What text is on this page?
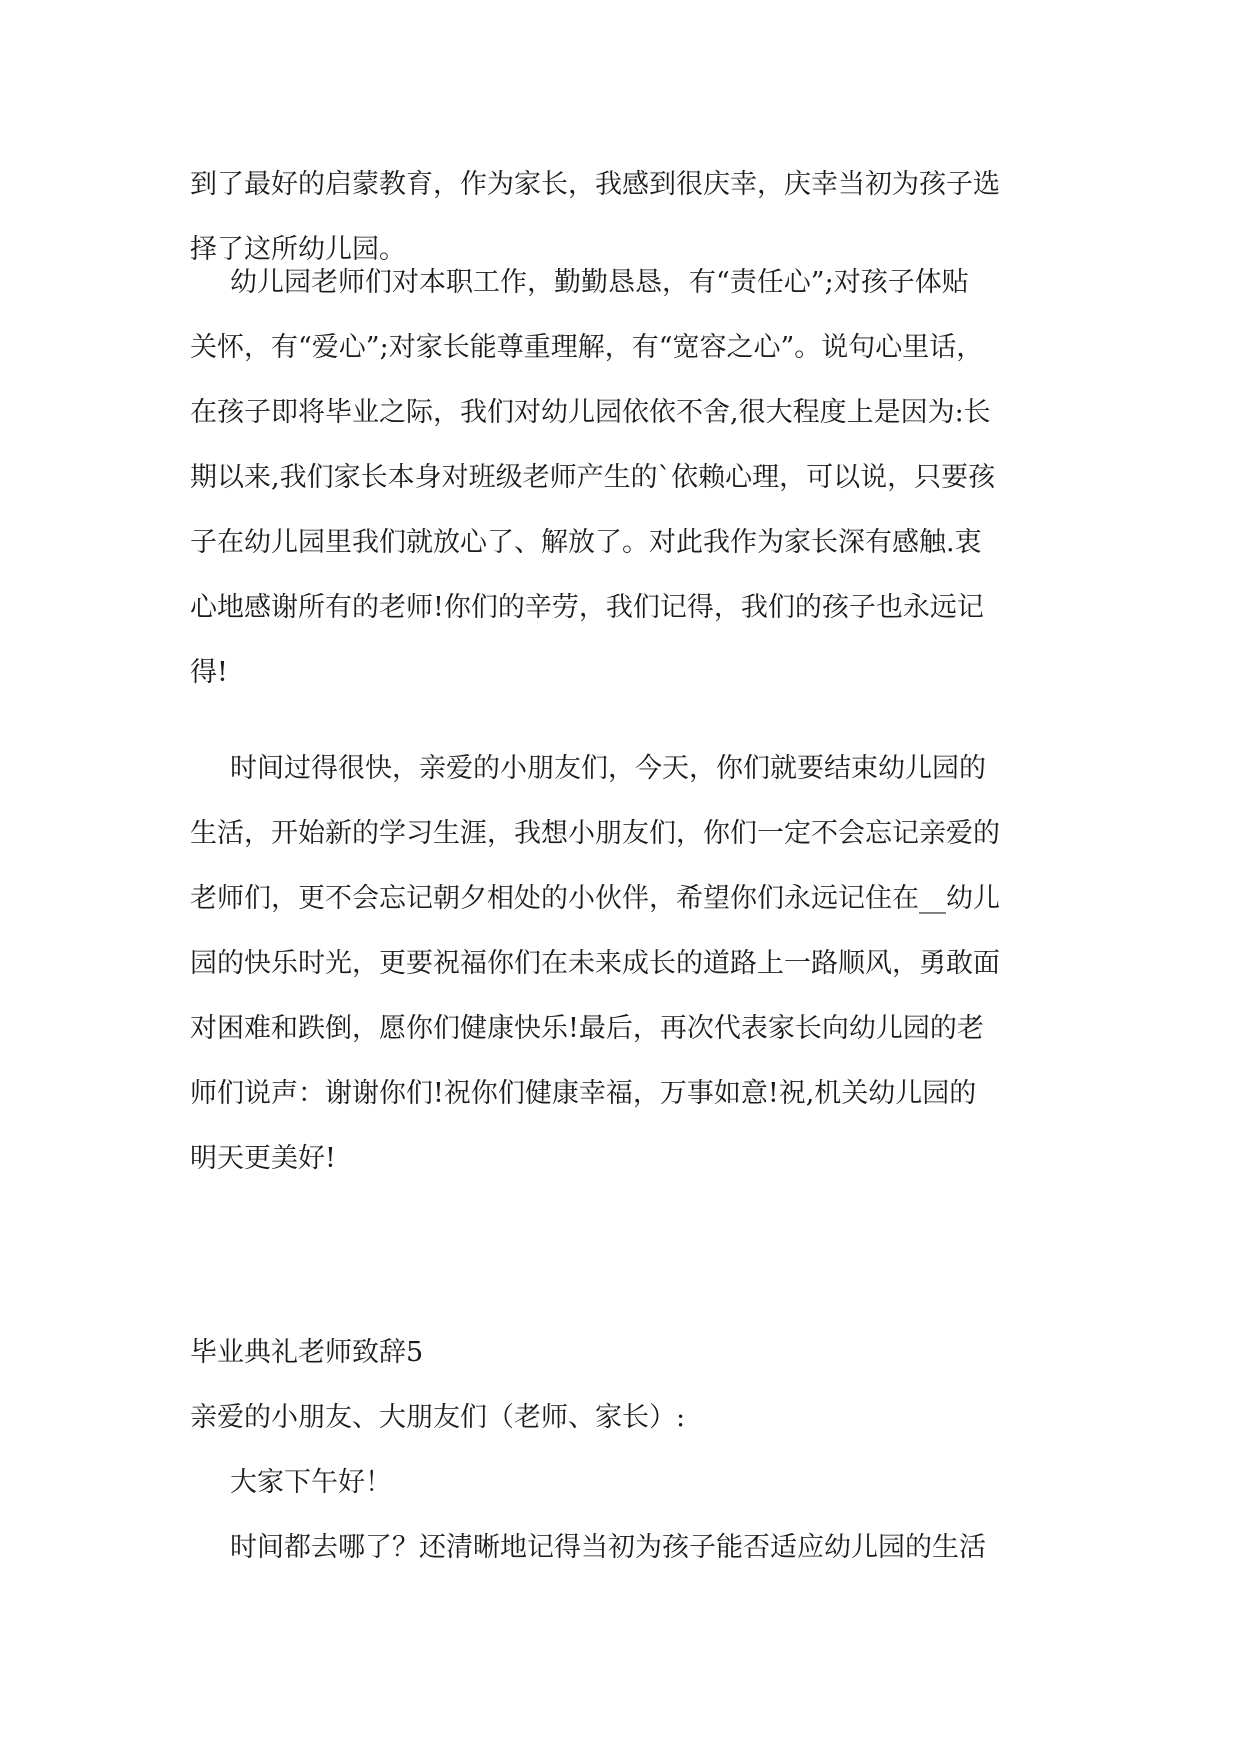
到了最好的启蒙教育，作为家长，我感到很庆幸，庆幸当初为孩子选
择了这所幼儿园。
幼儿园老师们对本职工作，勤勤恳恳，有“责任心”;对孩子体贴
关怀，有“爱心”;对家长能尊重理解，有“宽容之心”。说句心里话，
在孩子即将毕业之际，我们对幼儿园依依不舍,很大程度上是因为:长
期以来,我们家长本身对班级老师产生的`依赖心理，可以说，只要孩
子在幼儿园里我们就放心了、解放了。对此我作为家长深有感触.衷
心地感谢所有的老师!你们的辛劳，我们记得，我们的孩子也永远记
得!
时间过得很快，亲爱的小朋友们，今天，你们就要结束幼儿园的
生活，开始新的学习生涯，我想小朋友们，你们一定不会忘记亲爱的
老师们，更不会忘记朝夕相处的小伙伴，希望你们永远记住在__幼儿
园的快乐时光，更要祝福你们在未来成长的道路上一路顺风，勇敢面
对困难和跌倒，愿你们健康快乐!最后，再次代表家长向幼儿园的老
师们说声：谢谢你们!祝你们健康幸福，万事如意!祝,机关幼儿园的
明天更美好!
毕业典礼老师致辞5
亲爱的小朋友、大朋友们（老师、家长）:
大家下午好！
时间都去哪了？还清晰地记得当初为孩子能否适应幼儿园的生活
